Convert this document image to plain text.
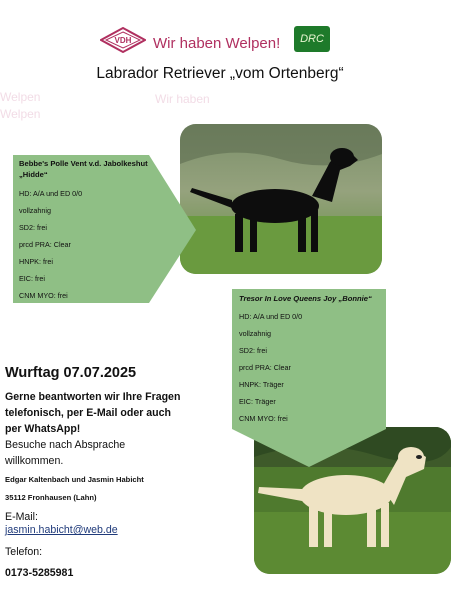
Welpen
Welpen
Wir haben
VDH Wir haben Welpen!	DRC
Labrador Retriever „vom Ortenberg“
Bebbe's Polle Vent v.d. Jabolkeshut
„Hidde“
HD: A/A und ED 0/0
vollzahnig
SD2: frei
prcd PRA: Clear
HNPK: frei
EIC: frei
CNM MYO: frei	Tresor In Love Queens Joy „Bonnie“
HD: A/A und ED 0/0
vollzahnig
SD2: frei
prcd PRA: Clear
HNPK: Träger
EIC: Träger
CNM MYO: frei
Wurftag 07.07.2025
Gerne beantworten wir Ihre Fragen telefonisch, per E-Mail oder auch per WhatsApp!
Besuche nach Absprache willkommen.
Edgar Kaltenbach und Jasmin Habicht
35112 Fronhausen (Lahn)
E-Mail:
jasmin.habicht@web.de
Telefon:
0173-5285981
